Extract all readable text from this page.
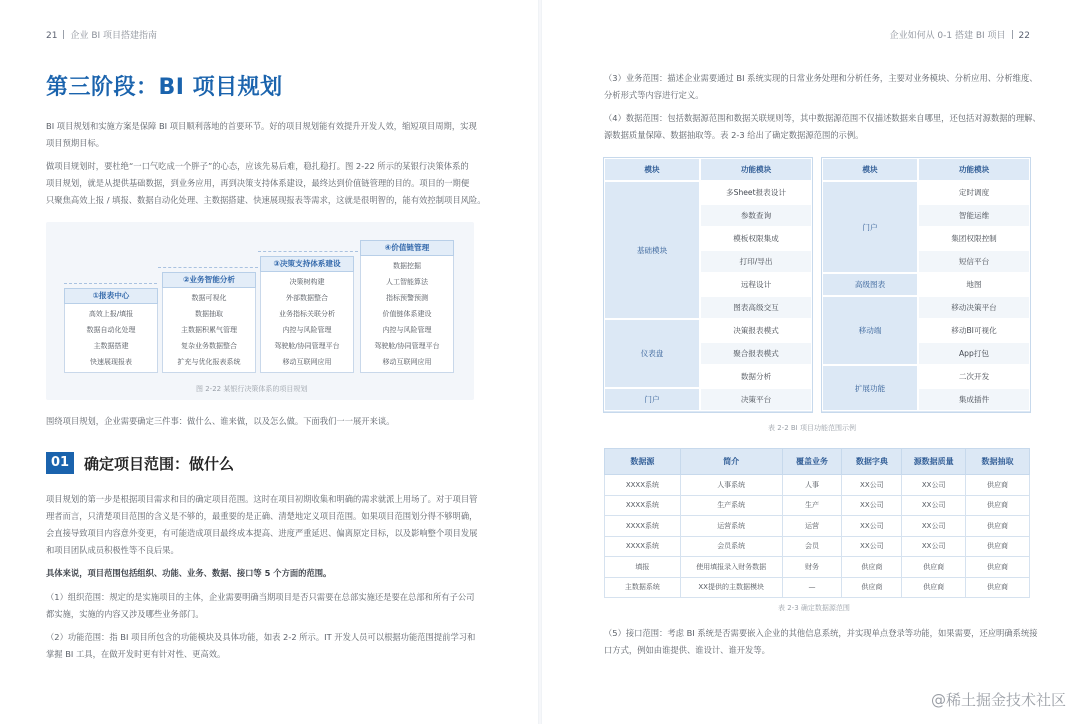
21 企业 BI 项目搭建指南
第三阶段：BI 项目规划
BI 项目规划和实施方案是保障 BI 项目顺利落地的首要环节。好的项目规划能有效提升开发人效，缩短项目周期，实现
项目预期目标。
做项目规划时，要杜绝“一口气吃成一个胖子”的心态，应该先易后难，稳扎稳打。图 2-22 所示的某银行决策体系的
项目规划，就是从提供基础数据，到业务应用，再到决策支持体系建设，最终达到价值链管理的目的。项目的一期便
只聚焦高效上报 / 填报、数据自动化处理、主数据搭建、快速展现报表等需求，这就是很明智的，能有效控制项目风险。
①报表中心
高效上报/填报
数据自动化处理
主数据搭建
快速展现报表
②业务智能分析
数据可视化
数据抽取
主数据积累气管理
复杂业务数据整合
扩充与优化报表系统
③决策支持体系建设
决策树构建
外部数据整合
业务指标关联分析
内控与风险管理
驾驶舱/协同管理平台
移动互联网应用
④价值链管理
数据挖掘
人工智能算法
指标预警预测
价值链体系建设
内控与风险管理
驾驶舱/协同管理平台
移动互联网应用
图 2-22 某银行决策体系的项目规划
围绕项目规划，企业需要确定三件事：做什么、谁来做，以及怎么做。下面我们一一展开来谈。
01 确定项目范围：做什么
项目规划的第一步是根据项目需求和目的确定项目范围。这时在项目初期收集和明确的需求就派上用场了。对于项目管
理者而言，只清楚项目范围的含义是不够的，最重要的是正确、清楚地定义项目范围。如果项目范围划分得不够明确，
会直接导致项目内容意外变更，有可能造成项目最终成本提高、进度严重延迟、偏离原定目标，以及影响整个项目发展
和项目团队成员积极性等不良后果。
具体来说，项目范围包括组织、功能、业务、数据、接口等 5 个方面的范围。
（1）组织范围：规定的是实施项目的主体，企业需要明确当期项目是否只需要在总部实施还是要在总部和所有子公司
都实施，实施的内容又涉及哪些业务部门。
（2）功能范围：指 BI 项目所包含的功能模块及具体功能，如表 2-2 所示。IT 开发人员可以根据功能范围提前学习和
掌握 BI 工具，在做开发时更有针对性、更高效。
企业如何从 0-1 搭建 BI 项目 22
（3）业务范围：描述企业需要通过 BI 系统实现的日常业务处理和分析任务，主要对业务模块、分析应用、分析维度、
分析形式等内容进行定义。
（4）数据范围：包括数据源范围和数据关联规则等，其中数据源范围不仅描述数据来自哪里，还包括对源数据的理解、
源数据质量保障、数据抽取等。表 2-3 给出了确定数据源范围的示例。
模块	功能模块
基础模块	多Sheet报表设计
	参数查询
	模板权限集成
	打印/导出
	远程设计
	图表高级交互
仪表盘	决策报表模式
	聚合报表模式
	数据分析
门户	决策平台
模块	功能模块
门户	定时调度
	智能运维
	集团权限控制
	短信平台
高级图表	地图
移动端	移动决策平台
	移动BI可视化
	App打包
扩展功能	二次开发
	集成插件
表 2-2 BI 项目功能范围示例
数据源	简介	覆盖业务	数据字典	源数据质量	数据抽取
XXXX系统	人事系统	人事	XX公司	XX公司	供应商
XXXX系统	生产系统	生产	XX公司	XX公司	供应商
XXXX系统	运营系统	运营	XX公司	XX公司	供应商
XXXX系统	会员系统	会员	XX公司	XX公司	供应商
填报	使用填报录入财务数据	财务	供应商	供应商	供应商
主数据系统	XX提供的主数据模块	—	供应商	供应商	供应商
表 2-3 确定数据源范围
（5）接口范围：考虑 BI 系统是否需要嵌入企业的其他信息系统，并实现单点登录等功能，如果需要，还应明确系统接
口方式，例如由谁提供、谁设计、谁开发等。
@稀土掘金技术社区
